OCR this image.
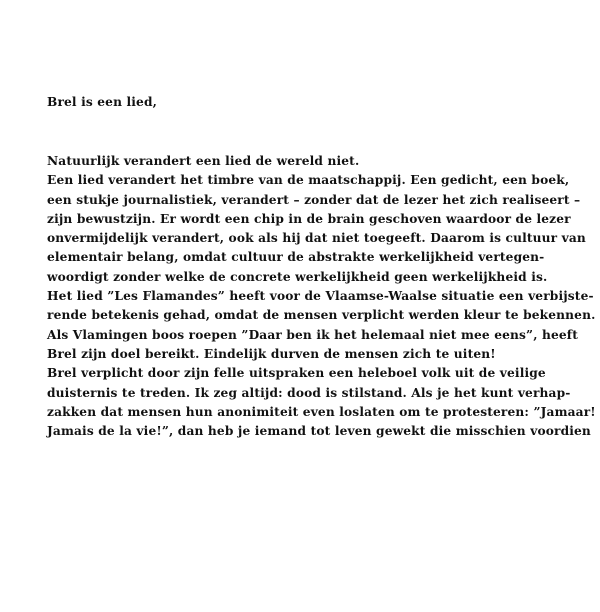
Brel is een lied,
Natuurlijk verandert een lied de wereld niet.
Een lied verandert het timbre van de maatschappij. Een gedicht, een boek,
een stukje journalistiek, verandert – zonder dat de lezer het zich realiseert –
zijn bewustzijn. Er wordt een chip in de brain geschoven waardoor de lezer
onvermijdelijk verandert, ook als hij dat niet toegeeft. Daarom is cultuur van
elementair belang, omdat cultuur de abstrakte werkelijkheid vertegen-
woordigt zonder welke de concrete werkelijkheid geen werkelijkheid is.
Het lied ”Les Flamandes” heeft voor de Vlaamse-Waalse situatie een verbijste-
rende betekenis gehad, omdat de mensen verplicht werden kleur te bekennen.
Als Vlamingen boos roepen ”Daar ben ik het helemaal niet mee eens”, heeft
Brel zijn doel bereikt. Eindelijk durven de mensen zich te uiten!
Brel verplicht door zijn felle uitspraken een heleboel volk uit de veilige
duisternis te treden. Ik zeg altijd: dood is stilstand. Als je het kunt verhap-
zakken dat mensen hun anonimiteit even loslaten om te protesteren: ”Jamaar!
Jamais de la vie!”, dan heb je iemand tot leven gewekt die misschien voordien
